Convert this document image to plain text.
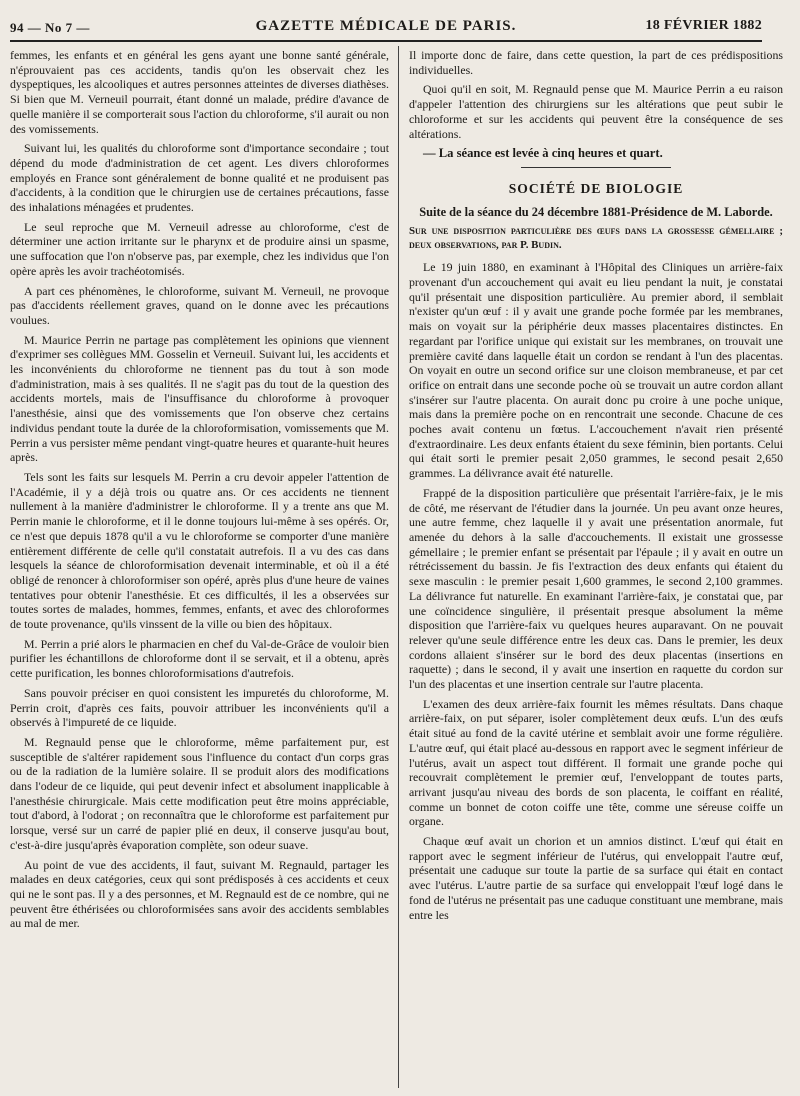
94 — No 7 —	GAZETTE MÉDICALE DE PARIS.	18 FÉVRIER 1882

femmes, les enfants et en général les gens ayant une bonne santé générale, n'éprouvaient pas ces accidents, tandis qu'on les observait chez les dyspeptiques, les alcooliques et autres personnes atteintes de diverses diathèses. Si bien que M. Verneuil pourrait, étant donné un malade, prédire d'avance de quelle manière il se comporterait sous l'action du chloroforme, s'il aurait ou non des vomissements.

Suivant lui, les qualités du chloroforme sont d'importance secondaire ; tout dépend du mode d'administration de cet agent. Les divers chloroformes employés en France sont généralement de bonne qualité et ne produisent pas d'accidents, à la condition que le chirurgien use de certaines précautions, fasse des inhalations ménagées et prudentes.

Le seul reproche que M. Verneuil adresse au chloroforme, c'est de déterminer une action irritante sur le pharynx et de produire ainsi un spasme, une suffocation que l'on n'observe pas, par exemple, chez les individus que l'on opère après les avoir trachéotomisés.

A part ces phénomènes, le chloroforme, suivant M. Verneuil, ne provoque pas d'accidents réellement graves, quand on le donne avec les précautions voulues.

M. Maurice Perrin ne partage pas complètement les opinions que viennent d'exprimer ses collègues MM. Gosselin et Verneuil. Suivant lui, les accidents et les inconvénients du chloroforme ne tiennent pas du tout à son mode d'administration, mais à ses qualités. Il ne s'agit pas du tout de la question des accidents mortels, mais de l'insuffisance du chloroforme à provoquer l'anesthésie, ainsi que des vomissements que l'on observe chez certains individus pendant toute la durée de la chloroformisation, vomissements que M. Perrin a vus persister même pendant vingt-quatre heures et quarante-huit heures après.

Tels sont les faits sur lesquels M. Perrin a cru devoir appeler l'attention de l'Académie, il y a déjà trois ou quatre ans. Or ces accidents ne tiennent nullement à la manière d'administrer le chloroforme. Il y a trente ans que M. Perrin manie le chloroforme, et il le donne toujours lui-même à ses opérés. Or, ce n'est que depuis 1878 qu'il a vu le chloroforme se comporter d'une manière entièrement différente de celle qu'il constatait autrefois. Il a vu des cas dans lesquels la séance de chloroformisation devenait interminable, et où il a été obligé de renoncer à chloroformiser son opéré, après plus d'une heure de vaines tentatives pour obtenir l'anesthésie. Et ces difficultés, il les a observées sur toutes sortes de malades, hommes, femmes, enfants, et avec des chloroformes de toute provenance, qu'ils vinssent de la ville ou bien des hôpitaux.

M. Perrin a prié alors le pharmacien en chef du Val-de-Grâce de vouloir bien purifier les échantillons de chloroforme dont il se servait, et il a obtenu, après cette purification, les bonnes chloroformisations d'autrefois.

Sans pouvoir préciser en quoi consistent les impuretés du chloroforme, M. Perrin croit, d'après ces faits, pouvoir attribuer les inconvénients qu'il a observés à l'impureté de ce liquide.

M. Regnauld pense que le chloroforme, même parfaitement pur, est susceptible de s'altérer rapidement sous l'influence du contact d'un corps gras ou de la radiation de la lumière solaire. Il se produit alors des modifications dans l'odeur de ce liquide, qui peut devenir infect et absolument inapplicable à l'anesthésie chirurgicale. Mais cette modification peut être moins appréciable, tout d'abord, à l'odorat ; on reconnaîtra que le chloroforme est parfaitement pur lorsque, versé sur un carré de papier plié en deux, il conserve jusqu'au bout, c'est-à-dire jusqu'après évaporation complète, son odeur suave.

Au point de vue des accidents, il faut, suivant M. Regnauld, partager les malades en deux catégories, ceux qui sont prédisposés à ces accidents et ceux qui ne le sont pas. Il y a des personnes, et M. Regnauld est de ce nombre, qui ne peuvent être éthérisées ou chloroformisées sans avoir des accidents semblables au mal de mer.

Il importe donc de faire, dans cette question, la part de ces prédispositions individuelles.

Quoi qu'il en soit, M. Regnauld pense que M. Maurice Perrin a eu raison d'appeler l'attention des chirurgiens sur les altérations que peut subir le chloroforme et sur les accidents qui peuvent être la conséquence de ses altérations.

— La séance est levée à cinq heures et quart.

SOCIÉTÉ DE BIOLOGIE

Suite de la séance du 24 décembre 1881-Présidence de M. Laborde.

Sur une disposition particulière des œufs dans la grossesse gémellaire ; deux observations, par P. Budin.

Le 19 juin 1880, en examinant à l'Hôpital des Cliniques un arrière-faix provenant d'un accouchement qui avait eu lieu pendant la nuit, je constatai qu'il présentait une disposition particulière. Au premier abord, il semblait n'exister qu'un œuf : il y avait une grande poche formée par les membranes, mais on voyait sur la périphérie deux masses placentaires distinctes. En regardant par l'orifice unique qui existait sur les membranes, on trouvait une première cavité dans laquelle était un cordon se rendant à l'un des placentas. On voyait en outre un second orifice sur une cloison membraneuse, et par cet orifice on entrait dans une seconde poche où se trouvait un autre cordon allant s'insérer sur l'autre placenta. On aurait donc pu croire à une poche unique, mais dans la première poche on en rencontrait une seconde. Chacune de ces poches avait contenu un fœtus. L'accouchement n'avait rien présenté d'extraordinaire. Les deux enfants étaient du sexe féminin, bien portants. Celui qui était sorti le premier pesait 2,050 grammes, le second pesait 2,650 grammes. La délivrance avait été naturelle.

Frappé de la disposition particulière que présentait l'arrière-faix, je le mis de côté, me réservant de l'étudier dans la journée. Un peu avant onze heures, une autre femme, chez laquelle il y avait une présentation anormale, fut amenée du dehors à la salle d'accouchements. Il existait une grossesse gémellaire ; le premier enfant se présentait par l'épaule ; il y avait en outre un rétrécissement du bassin. Je fis l'extraction des deux enfants qui étaient du sexe masculin : le premier pesait 1,600 grammes, le second 2,100 grammes. La délivrance fut naturelle. En examinant l'arrière-faix, je constatai que, par une coïncidence singulière, il présentait presque absolument la même disposition que l'arrière-faix vu quelques heures auparavant. On ne pouvait relever qu'une seule différence entre les deux cas. Dans le premier, les deux cordons allaient s'insérer sur le bord des deux placentas (insertions en raquette) ; dans le second, il y avait une insertion en raquette du cordon sur l'un des placentas et une insertion centrale sur l'autre placenta.

L'examen des deux arrière-faix fournit les mêmes résultats. Dans chaque arrière-faix, on put séparer, isoler complètement deux œufs. L'un des œufs était situé au fond de la cavité utérine et semblait avoir une forme régulière. L'autre œuf, qui était placé au-dessous en rapport avec le segment inférieur de l'utérus, avait un aspect tout différent. Il formait une grande poche qui recouvrait complètement le premier œuf, l'enveloppant de toutes parts, arrivant jusqu'au niveau des bords de son placenta, le coiffant en réalité, comme un bonnet de coton coiffe une tête, comme une séreuse coiffe un organe.

Chaque œuf avait un chorion et un amnios distinct. L'œuf qui était en rapport avec le segment inférieur de l'utérus, qui enveloppait l'autre œuf, présentait une caduque sur toute la partie de sa surface qui était en contact avec l'utérus. L'autre partie de sa surface qui enveloppait l'œuf logé dans le fond de l'utérus ne présentait pas une caduque constituant une membrane, mais entre les
